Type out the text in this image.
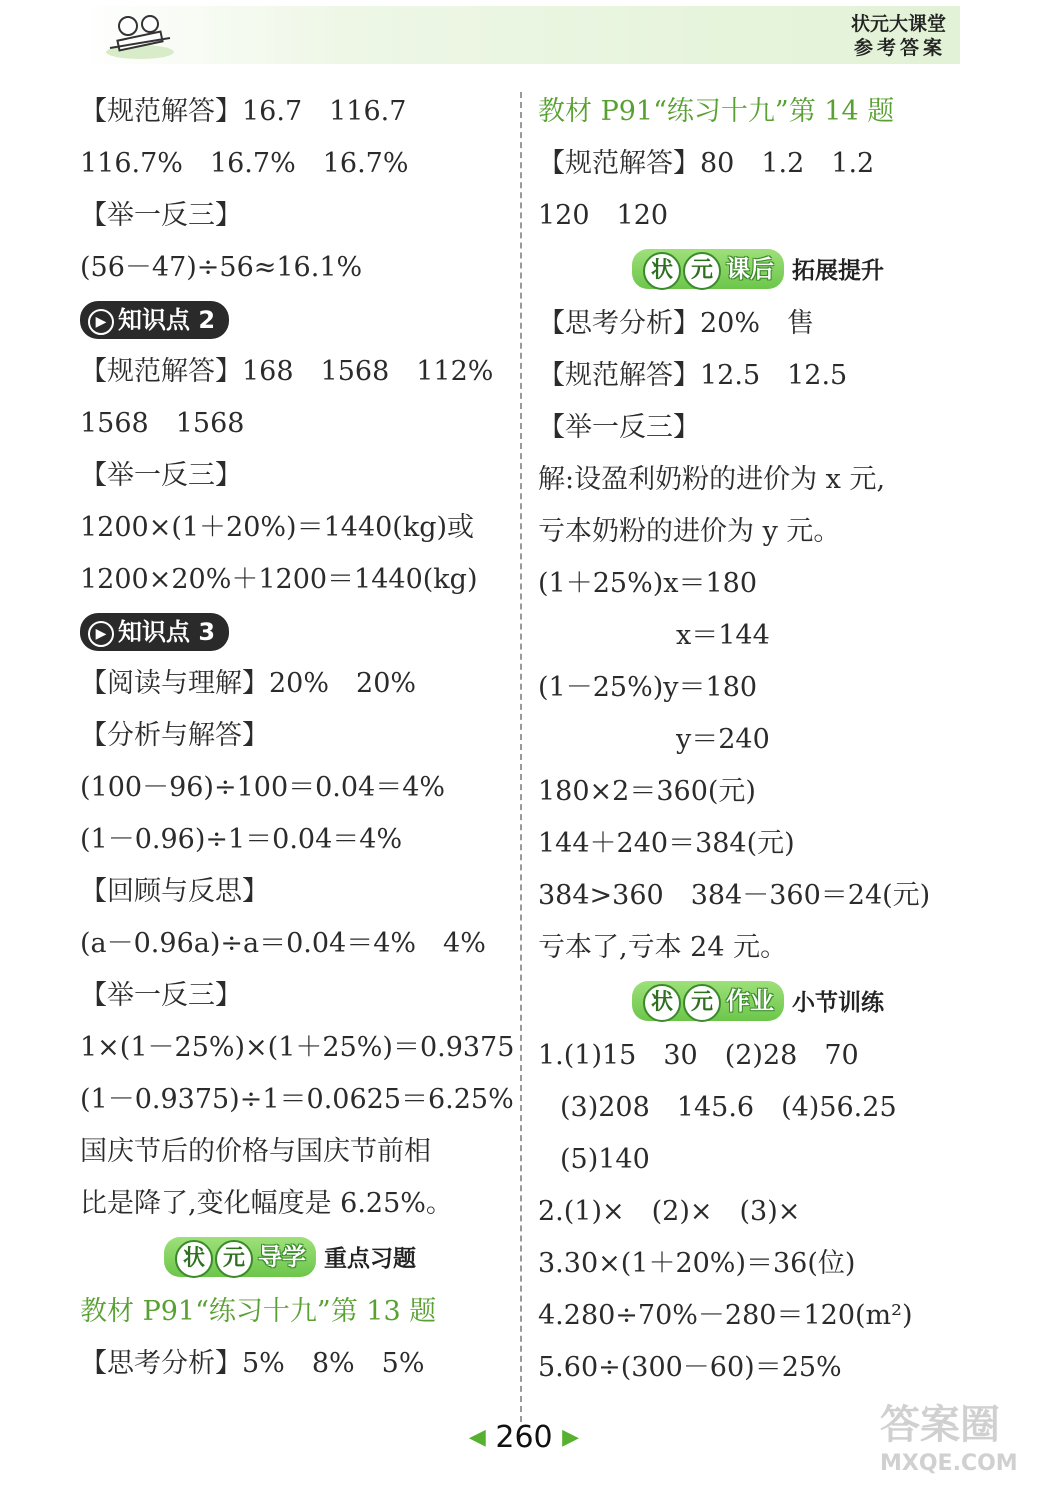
状元大课堂
参考答案
【规范解答】16.7　116.7
116.7%　16.7%　16.7%
【举一反三】
(56－47)÷56≈16.1%
▶ 知识点 2
【规范解答】168　1568　112%
1568　1568
【举一反三】
1200×(1＋20%)＝1440(kg)或
1200×20%＋1200＝1440(kg)
▶ 知识点 3
【阅读与理解】20%　20%
【分析与解答】
(100－96)÷100＝0.04＝4%
(1－0.96)÷1＝0.04＝4%
【回顾与反思】
(a－0.96a)÷a＝0.04＝4%　4%
【举一反三】
1×(1－25%)×(1＋25%)＝0.9375
(1－0.9375)÷1＝0.0625＝6.25%
国庆节后的价格与国庆节前相
比是降了,变化幅度是 6.25%。
状 元 导学 重点习题
教材 P91“练习十九”第 13 题
【思考分析】5%　8%　5%
教材 P91“练习十九”第 14 题
【规范解答】80　1.2　1.2
120　120
状 元 课后 拓展提升
【思考分析】20%　售
【规范解答】12.5　12.5
【举一反三】
解:设盈利奶粉的进价为 x 元,
亏本奶粉的进价为 y 元。
(1＋25%)x＝180
x＝144
(1－25%)y＝180
y＝240
180×2＝360(元)
144＋240＝384(元)
384>360　384－360＝24(元)
亏本了,亏本 24 元。
状 元 作业 小节训练
1.(1)15　30　(2)28　70
(3)208　145.6　(4)56.25
(5)140
2.(1)×　(2)×　(3)×
3.30×(1＋20%)＝36(位)
4.280÷70%－280＝120(m²)
5.60÷(300－60)＝25%
◀ 260 ▶	答案圈
MXQE.COM
